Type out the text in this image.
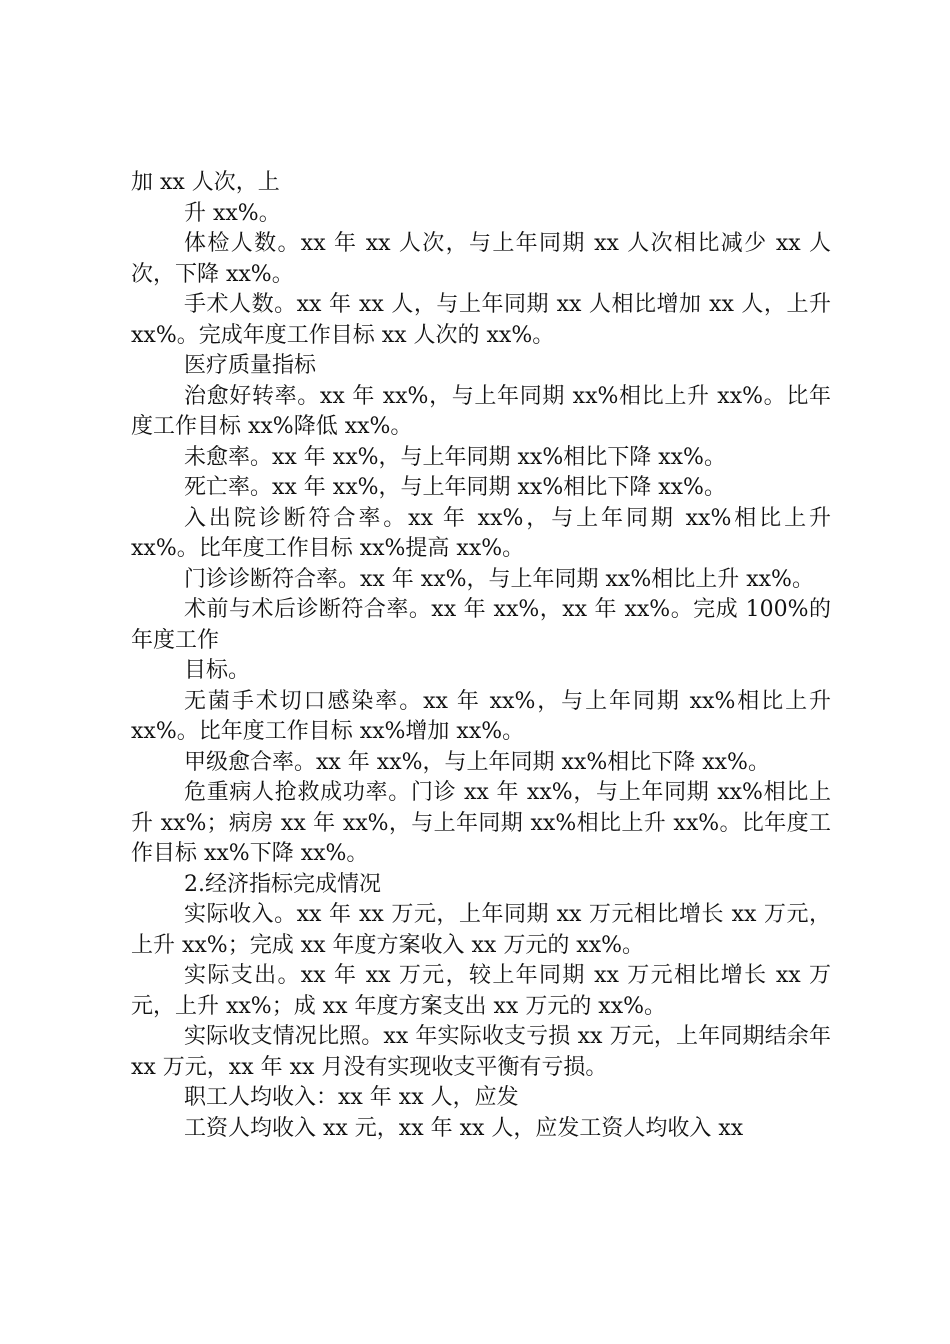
加 xx 人次，上

升 xx%。

体检人数。xx 年 xx 人次，与上年同期 xx 人次相比减少 xx 人次，下降 xx%。

手术人数。xx 年 xx 人，与上年同期 xx 人相比增加 xx 人，上升 xx%。完成年度工作目标 xx 人次的 xx%。

医疗质量指标

治愈好转率。xx 年 xx%，与上年同期 xx%相比上升 xx%。比年度工作目标 xx%降低 xx%。

未愈率。xx 年 xx%，与上年同期 xx%相比下降 xx%。

死亡率。xx 年 xx%，与上年同期 xx%相比下降 xx%。

入出院诊断符合率。xx 年 xx%，与上年同期 xx%相比上升 xx%。比年度工作目标 xx%提高 xx%。

门诊诊断符合率。xx 年 xx%，与上年同期 xx%相比上升 xx%。

术前与术后诊断符合率。xx 年 xx%，xx 年 xx%。完成 100%的年度工作

目标。

无菌手术切口感染率。xx 年 xx%，与上年同期 xx%相比上升 xx%。比年度工作目标 xx%增加 xx%。

甲级愈合率。xx 年 xx%，与上年同期 xx%相比下降 xx%。

危重病人抢救成功率。门诊 xx 年 xx%，与上年同期 xx%相比上升 xx%；病房 xx 年 xx%，与上年同期 xx%相比上升 xx%。比年度工作目标 xx%下降 xx%。

2.经济指标完成情况

实际收入。xx 年 xx 万元，上年同期 xx 万元相比增长 xx 万元，上升 xx%；完成 xx 年度方案收入 xx 万元的 xx%。

实际支出。xx 年 xx 万元，较上年同期 xx 万元相比增长 xx 万元，上升 xx%；成 xx 年度方案支出 xx 万元的 xx%。

实际收支情况比照。xx 年实际收支亏损 xx 万元，上年同期结余年 xx 万元，xx 年 xx 月没有实现收支平衡有亏损。

职工人均收入：xx 年 xx 人，应发

工资人均收入 xx 元，xx 年 xx 人，应发工资人均收入 xx
